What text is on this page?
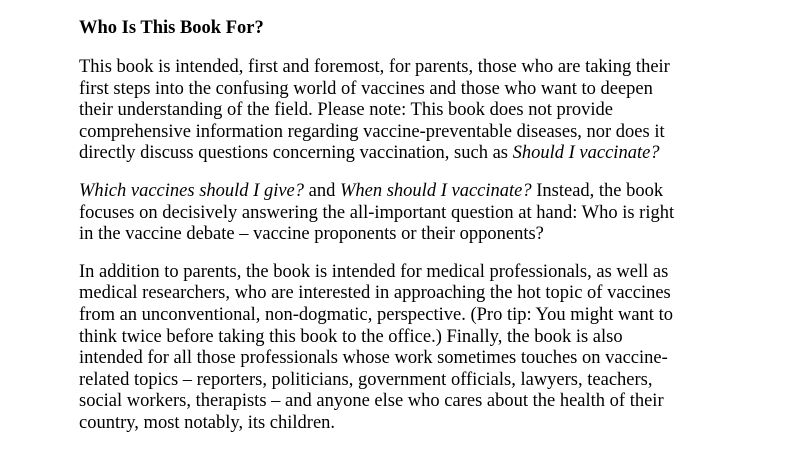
Who Is This Book For?

This book is intended, first and foremost, for parents, those who are taking their
first steps into the confusing world of vaccines and those who want to deepen
their understanding of the field. Please note: This book does not provide
comprehensive information regarding vaccine-preventable diseases, nor does it
directly discuss questions concerning vaccination, such as Should I vaccinate?

Which vaccines should I give? and When should I vaccinate? Instead, the book
focuses on decisively answering the all-important question at hand: Who is right
in the vaccine debate – vaccine proponents or their opponents?

In addition to parents, the book is intended for medical professionals, as well as
medical researchers, who are interested in approaching the hot topic of vaccines
from an unconventional, non-dogmatic, perspective. (Pro tip: You might want to
think twice before taking this book to the office.) Finally, the book is also
intended for all those professionals whose work sometimes touches on vaccine-
related topics – reporters, politicians, government officials, lawyers, teachers,
social workers, therapists – and anyone else who cares about the health of their
country, most notably, its children.
